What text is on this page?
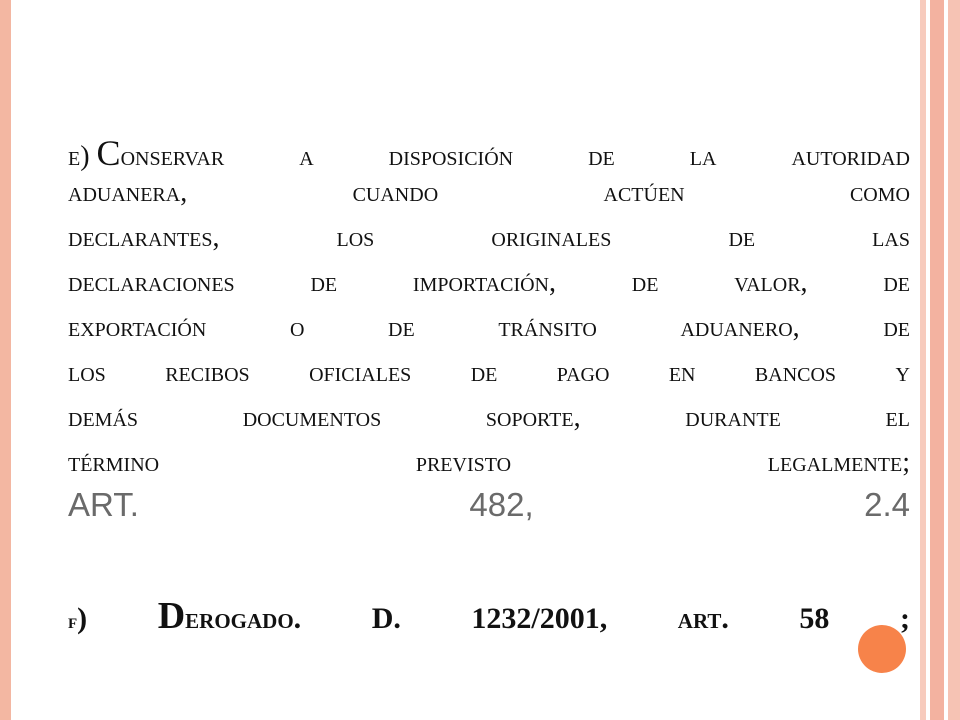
e) Conservar	a	disposición	de	la	autoridad
aduanera,	cuando	actúen	como
declarantes,	los	originales	de	las
declaraciones	de	importación,	de	valor,	de
exportación	o	de	tránsito	aduanero,	de
los recibos oficiales de pago en bancos y
demás	documentos	soporte,	durante	el
término	previsto	legalmente;
ART.	482,	2.4
f) Derogado. D. 1232/2001, art. 58 ;
